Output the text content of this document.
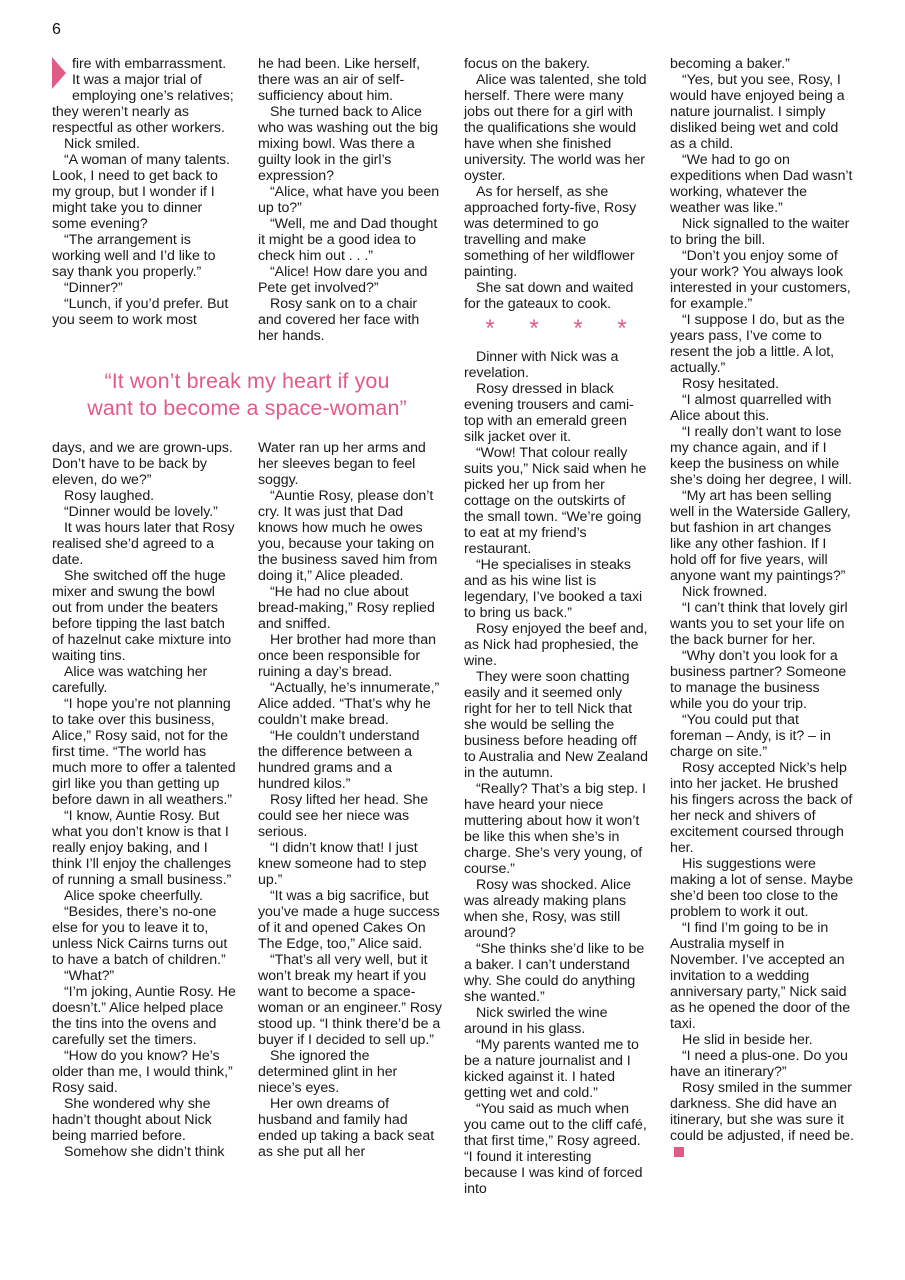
6

fire with embarrassment. It was a major trial of employing one’s relatives; they weren’t nearly as respectful as other workers.

Nick smiled.

“A woman of many talents. Look, I need to get back to my group, but I wonder if I might take you to dinner some evening?

“The arrangement is working well and I’d like to say thank you properly.”

“Dinner?”

“Lunch, if you’d prefer. But you seem to work most

he had been. Like herself, there was an air of self-sufficiency about him.

She turned back to Alice who was washing out the big mixing bowl. Was there a guilty look in the girl’s expression?

“Alice, what have you been up to?”

“Well, me and Dad thought it might be a good idea to check him out . . .”

“Alice! How dare you and Pete get involved?”

Rosy sank on to a chair and covered her face with her hands.

“It won’t break my heart if you
want to become a space-woman”

days, and we are grown-ups. Don’t have to be back by eleven, do we?”

Rosy laughed.

“Dinner would be lovely.”

It was hours later that Rosy realised she’d agreed to a date.

She switched off the huge mixer and swung the bowl out from under the beaters before tipping the last batch of hazelnut cake mixture into waiting tins.

Alice was watching her carefully.

“I hope you’re not planning to take over this business, Alice,” Rosy said, not for the first time. “The world has much more to offer a talented girl like you than getting up before dawn in all weathers.”

“I know, Auntie Rosy. But what you don’t know is that I really enjoy baking, and I think I’ll enjoy the challenges of running a small business.”

Alice spoke cheerfully.

“Besides, there’s no-one else for you to leave it to, unless Nick Cairns turns out to have a batch of children.”

“What?”

“I’m joking, Auntie Rosy. He doesn’t.” Alice helped place the tins into the ovens and carefully set the timers.

“How do you know? He’s older than me, I would think,” Rosy said.

She wondered why she hadn’t thought about Nick being married before.

Somehow she didn’t think

Water ran up her arms and her sleeves began to feel soggy.

“Auntie Rosy, please don’t cry. It was just that Dad knows how much he owes you, because your taking on the business saved him from doing it,” Alice pleaded.

“He had no clue about bread-making,” Rosy replied and sniffed.

Her brother had more than once been responsible for ruining a day’s bread.

“Actually, he’s innumerate,” Alice added. “That’s why he couldn’t make bread.

“He couldn’t understand the difference between a hundred grams and a hundred kilos.”

Rosy lifted her head. She could see her niece was serious.

“I didn’t know that! I just knew someone had to step up.”

“It was a big sacrifice, but you’ve made a huge success of it and opened Cakes On The Edge, too,” Alice said.

“That’s all very well, but it won’t break my heart if you want to become a space-woman or an engineer.” Rosy stood up. “I think there’d be a buyer if I decided to sell up.”

She ignored the determined glint in her niece’s eyes.

Her own dreams of husband and family had ended up taking a back seat as she put all her

focus on the bakery.

Alice was talented, she told herself. There were many jobs out there for a girl with the qualifications she would have when she finished university. The world was her oyster.

As for herself, as she approached forty-five, Rosy was determined to go travelling and make something of her wildflower painting.

She sat down and waited for the gateaux to cook.

* * * *

Dinner with Nick was a revelation.

Rosy dressed in black evening trousers and cami-top with an emerald green silk jacket over it.

“Wow! That colour really suits you,” Nick said when he picked her up from her cottage on the outskirts of the small town. “We’re going to eat at my friend’s restaurant.

“He specialises in steaks and as his wine list is legendary, I’ve booked a taxi to bring us back.”

Rosy enjoyed the beef and, as Nick had prophesied, the wine.

They were soon chatting easily and it seemed only right for her to tell Nick that she would be selling the business before heading off to Australia and New Zealand in the autumn.

“Really? That’s a big step. I have heard your niece muttering about how it won’t be like this when she’s in charge. She’s very young, of course.”

Rosy was shocked. Alice was already making plans when she, Rosy, was still around?

“She thinks she’d like to be a baker. I can’t understand why. She could do anything she wanted.”

Nick swirled the wine around in his glass.

“My parents wanted me to be a nature journalist and I kicked against it. I hated getting wet and cold.”

“You said as much when you came out to the cliff café, that first time,” Rosy agreed. “I found it interesting because I was kind of forced into

becoming a baker.”

“Yes, but you see, Rosy, I would have enjoyed being a nature journalist. I simply disliked being wet and cold as a child.

“We had to go on expeditions when Dad wasn’t working, whatever the weather was like.”

Nick signalled to the waiter to bring the bill.

“Don’t you enjoy some of your work? You always look interested in your customers, for example.”

“I suppose I do, but as the years pass, I’ve come to resent the job a little. A lot, actually.”

Rosy hesitated.

“I almost quarrelled with Alice about this.

“I really don’t want to lose my chance again, and if I keep the business on while she’s doing her degree, I will.

“My art has been selling well in the Waterside Gallery, but fashion in art changes like any other fashion. If I hold off for five years, will anyone want my paintings?”

Nick frowned.

“I can’t think that lovely girl wants you to set your life on the back burner for her.

“Why don’t you look for a business partner? Someone to manage the business while you do your trip.

“You could put that foreman – Andy, is it? – in charge on site.”

Rosy accepted Nick’s help into her jacket. He brushed his fingers across the back of her neck and shivers of excitement coursed through her.

His suggestions were making a lot of sense. Maybe she’d been too close to the problem to work it out.

“I find I’m going to be in Australia myself in November. I’ve accepted an invitation to a wedding anniversary party,” Nick said as he opened the door of the taxi.

He slid in beside her.

“I need a plus-one. Do you have an itinerary?”

Rosy smiled in the summer darkness. She did have an itinerary, but she was sure it could be adjusted, if need be.
